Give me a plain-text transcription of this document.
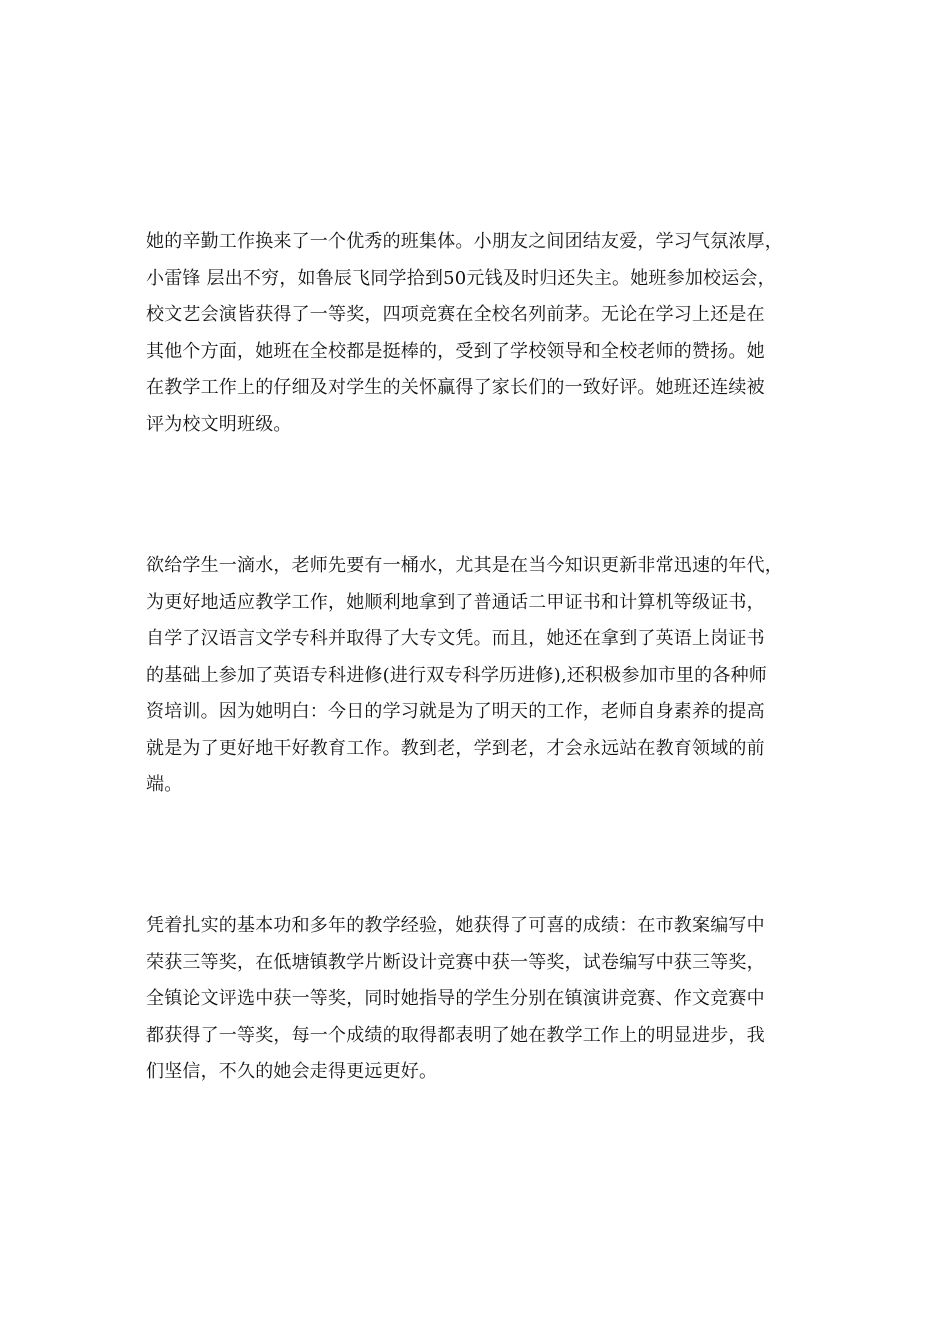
她的辛勤工作换来了一个优秀的班集体。小朋友之间团结友爱，学习气氛浓厚，
小雷锋 层出不穷，如鲁辰飞同学拾到50元钱及时归还失主。她班参加校运会，
校文艺会演皆获得了一等奖，四项竞赛在全校名列前茅。无论在学习上还是在
其他个方面，她班在全校都是挺棒的，受到了学校领导和全校老师的赞扬。她
在教学工作上的仔细及对学生的关怀赢得了家长们的一致好评。她班还连续被
评为校文明班级。

欲给学生一滴水，老师先要有一桶水，尤其是在当今知识更新非常迅速的年代，
为更好地适应教学工作，她顺利地拿到了普通话二甲证书和计算机等级证书，
自学了汉语言文学专科并取得了大专文凭。而且，她还在拿到了英语上岗证书
的基础上参加了英语专科进修(进行双专科学历进修),还积极参加市里的各种师
资培训。因为她明白：今日的学习就是为了明天的工作，老师自身素养的提高
就是为了更好地干好教育工作。教到老，学到老，才会永远站在教育领域的前
端。

凭着扎实的基本功和多年的教学经验，她获得了可喜的成绩：在市教案编写中
荣获三等奖，在低塘镇教学片断设计竞赛中获一等奖，试卷编写中获三等奖，
全镇论文评选中获一等奖，同时她指导的学生分别在镇演讲竞赛、作文竞赛中
都获得了一等奖，每一个成绩的取得都表明了她在教学工作上的明显进步，我
们坚信，不久的她会走得更远更好。
